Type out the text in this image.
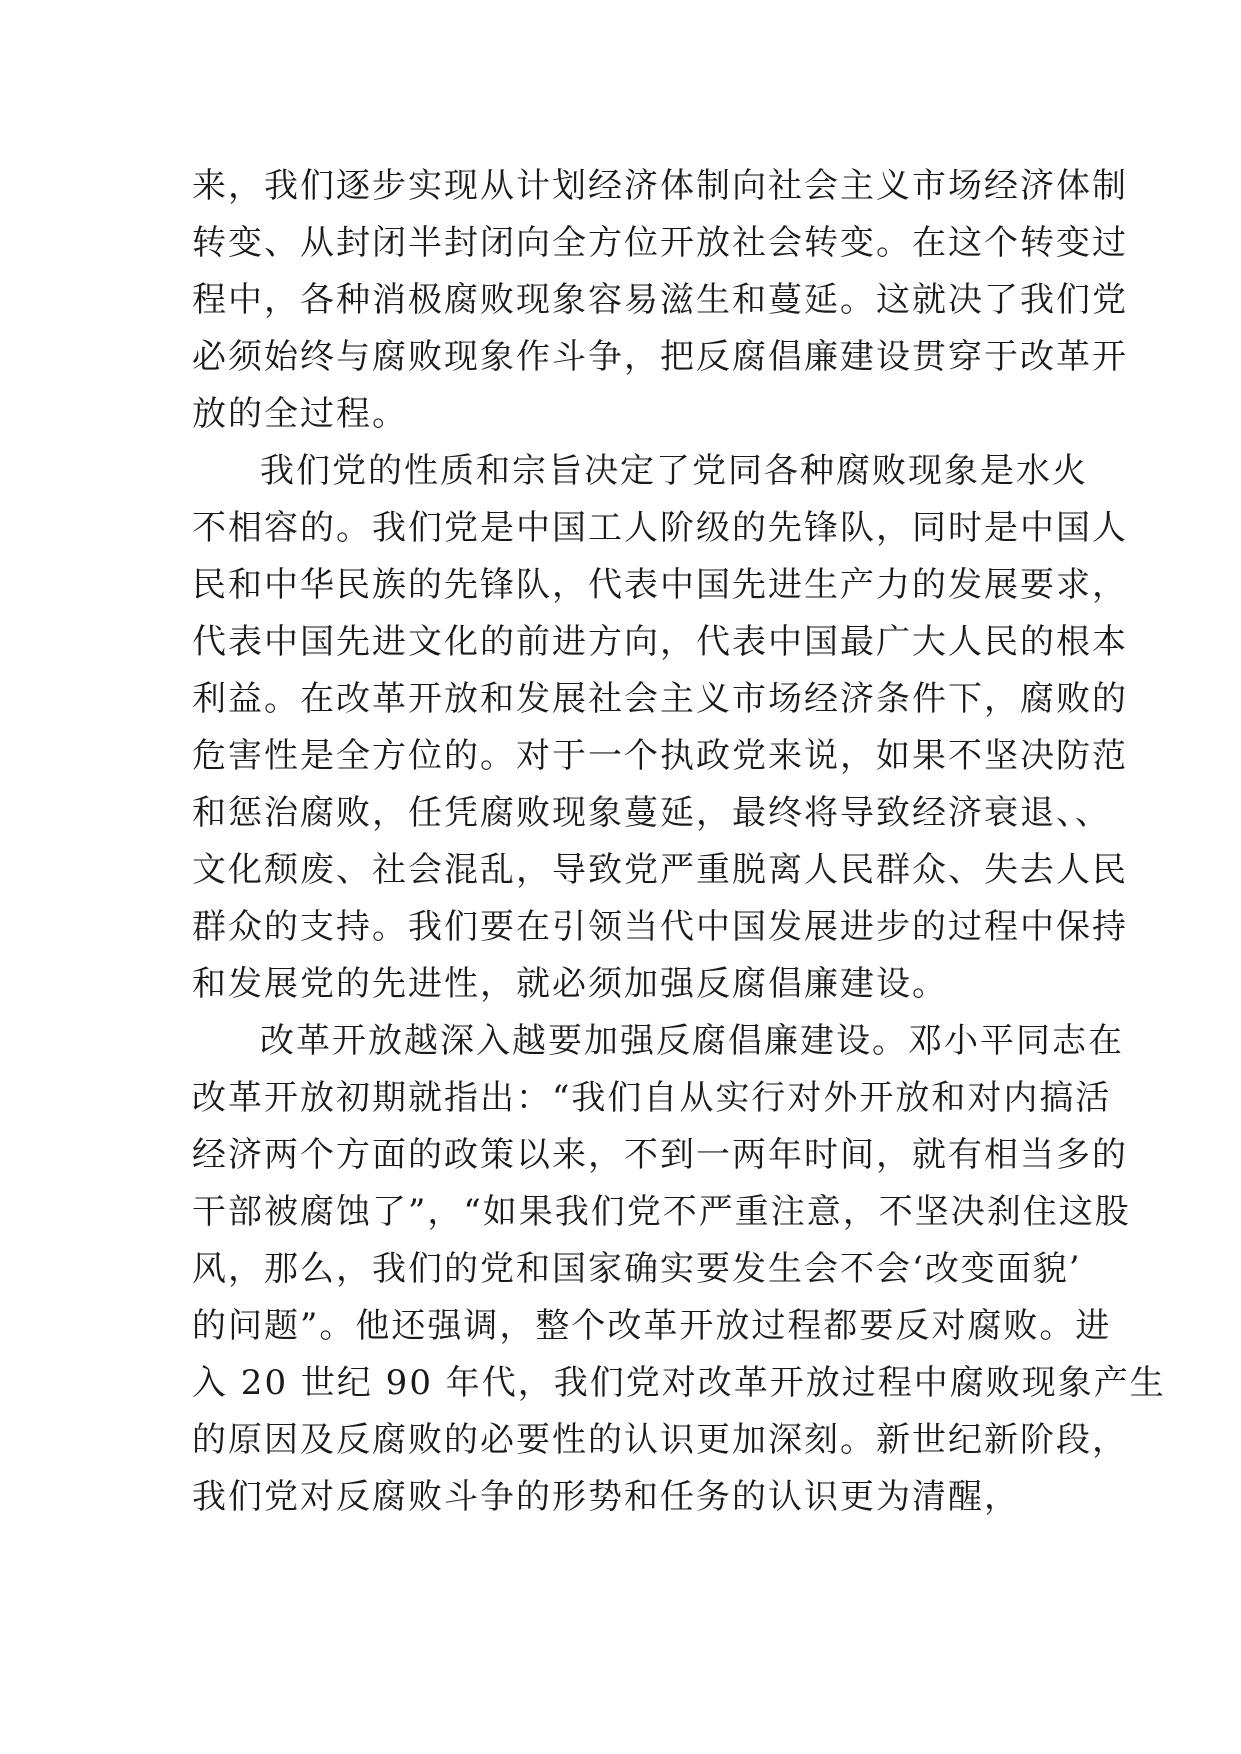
来，我们逐步实现从计划经济体制向社会主义市场经济体制
转变、从封闭半封闭向全方位开放社会转变。在这个转变过
程中，各种消极腐败现象容易滋生和蔓延。这就决了我们党
必须始终与腐败现象作斗争，把反腐倡廉建设贯穿于改革开
放的全过程。
我们党的性质和宗旨决定了党同各种腐败现象是水火
不相容的。我们党是中国工人阶级的先锋队，同时是中国人
民和中华民族的先锋队，代表中国先进生产力的发展要求，
代表中国先进文化的前进方向，代表中国最广大人民的根本
利益。在改革开放和发展社会主义市场经济条件下，腐败的
危害性是全方位的。对于一个执政党来说，如果不坚决防范
和惩治腐败，任凭腐败现象蔓延，最终将导致经济衰退、、
文化颓废、社会混乱，导致党严重脱离人民群众、失去人民
群众的支持。我们要在引领当代中国发展进步的过程中保持
和发展党的先进性，就必须加强反腐倡廉建设。
改革开放越深入越要加强反腐倡廉建设。邓小平同志在
改革开放初期就指出：“我们自从实行对外开放和对内搞活
经济两个方面的政策以来，不到一两年时间，就有相当多的
干部被腐蚀了”，“如果我们党不严重注意，不坚决刹住这股
风，那么，我们的党和国家确实要发生会不会‘改变面貌’
的问题”。他还强调，整个改革开放过程都要反对腐败。进
入 20 世纪 90 年代，我们党对改革开放过程中腐败现象产生
的原因及反腐败的必要性的认识更加深刻。新世纪新阶段，
我们党对反腐败斗争的形势和任务的认识更为清醒，
